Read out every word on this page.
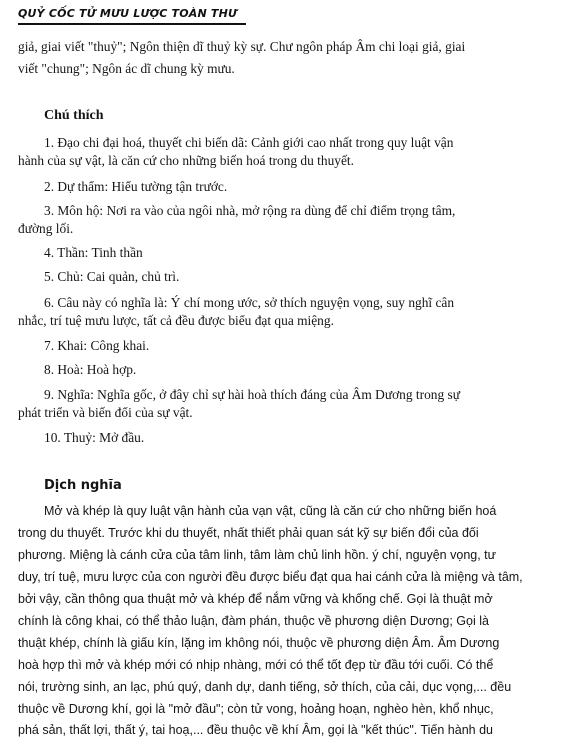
QUỶ CỐC TỬ MƯU LƯỢC TOÀN THƯ
giả, giai viết "thuỷ"; Ngôn thiện dĩ thuỷ kỳ sự. Chư ngôn pháp Âm chi loại giả, giai
viết "chung"; Ngôn ác dĩ chung kỳ mưu.
Chú thích
1. Đạo chi đại hoá, thuyết chi biến dã: Cảnh giới cao nhất trong quy luật vận
hành của sự vật, là căn cứ cho những biến hoá trong du thuyết.
2. Dự thẩm: Hiểu tường tận trước.
3. Môn hộ: Nơi ra vào của ngôi nhà, mở rộng ra dùng để chỉ điểm trọng tâm,
đường lối.
4. Thần: Tinh thần
5. Chủ: Cai quản, chủ trì.
6. Câu này có nghĩa là: Ý chí mong ước, sở thích nguyện vọng, suy nghĩ cân
nhắc, trí tuệ mưu lược, tất cả đều được biểu đạt qua miệng.
7. Khai: Công khai.
8. Hoà: Hoà hợp.
9. Nghĩa: Nghĩa gốc, ở đây chỉ sự hài hoà thích đáng của Âm Dương trong sự
phát triển và biến đổi của sự vật.
10. Thuỷ: Mở đầu.
Dịch nghĩa
Mở và khép là quy luật vận hành của vạn vật, cũng là căn cứ cho những biến hoá
trong du thuyết. Trước khi du thuyết, nhất thiết phải quan sát kỹ sự biến đổi của đối
phương. Miệng là cánh cửa của tâm linh, tâm làm chủ linh hồn. ý chí, nguyện vọng, tư
duy, trí tuệ, mưu lược của con người đều được biểu đạt qua hai cánh cửa là miệng và tâm,
bởi vậy, cần thông qua thuật mở và khép để nắm vững và khống chế. Gọi là thuật mở
chính là công khai, có thể thảo luận, đàm phán, thuộc về phương diện Dương; Gọi là
thuật khép, chính là giấu kín, lặng im không nói, thuộc về phương diện Âm. Âm Dương
hoà hợp thì mở và khép mới có nhịp nhàng, mới có thể tốt đẹp từ đầu tới cuối. Có thể
nói, trường sinh, an lạc, phú quý, danh dự, danh tiếng, sở thích, của cải, dục vọng,... đều
thuộc về Dương khí, gọi là "mở đầu"; còn tử vong, hoảng hoạn, nghèo hèn, khổ nhục,
phá sản, thất lợi, thất ý, tai hoạ,... đều thuộc về khí Âm, gọi là "kết thúc". Tiến hành du
